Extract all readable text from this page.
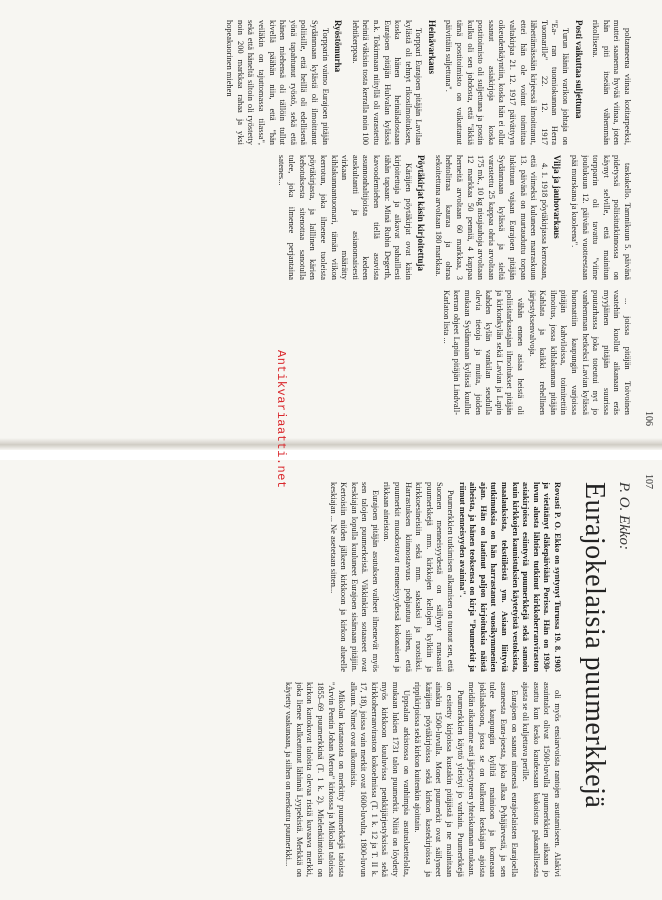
106

poltanneena viinaa kotitarpeeksi, muttei saanema hyvää viinaa, joten hän piti itseään vähemmän rikollisena.

Posti vaikuttaa suljettuna

Turun läänin varikon johtaja on "Ea- ran tuomiokunnan Herra Tuomarille" 22. 12. 1917 lähettämässään kirjeessä ilmoittanut, ettei hän ole voinut toimittaa valtakirjaa 21. 12. 1917 päivättyyn oikeudenkäyntiin, koska hän ei ollut saanut asiakirjoja koska postitoimisto oli suljettuna ja postin kulku oli sen johdosta, että "äkkiä tämä postitoimisto on vaikuttanut päivittäin suljettuna".

Heinävarkaus

Torppari Eurajoen pitäjän Lavilan kylästä oli tehnyt rikosilmoituksen, koska hänen heinäladostaan Eurajoen pitäjän Hulvalan kylässä n.k. Tokirmaan niityllä oli varastettu heiniä väkisin tosta kerralla noin 100 lehtikerppaa.

Ryöstömurha

Torpparin vaimo Eurajoen pitäjän Sydänmaan kylästä oli ilmoittanut poliisille, että heillä oli edellisenä yönä tapahtunut ryöstö, sekä että hänen miehensä oli tällöin tullut kivellä päähän niin, että "hän veiläkin on tajuttomassa tilassa", sekä että häneltä siltoin oli ryöstetty noin 200 markkaa rahaa ja yksi hopeakuorinen miehen

taskukello. Tamnikuun 5. päivänä pidetyssä poliisitutkinnossa on käynyt selville, että mainitun torpparin oli tavattu "viime joulukuun 12. päivänä vuotteestaan pää murskana ja kuoleena".

Vilja ja jauhovarkaus

4. 1. 1918 pöytäkirjassa kerrotaan, että viimeksi kuluneen marraskuun 13. päivänä on murtauduttu torpan lukittuun vajaan Eurajoen pitäjän Sydänmaan kylässä ja sieltä varastettu 25 kappaa ohria arvoltaan 175 mk., 10 kg nisujauhoja arvoltaan 12 markkaa 50 penniä, 4 kappaa herneitä arvoltaan 60 markkaa, 3 hehtolitraa kauraa ja ohraa sekoitettuna arvoltaan 180 markkaa.

Pöytäkirjat käsin kirjoitettuja

Käräjien pöytäkirjat ovat käsin kirjoitettuja ja aikavat pahaillesti tähän tapaan: Minä Rubin Degerth, kavoodemiehen tiellä asuvista asunnonhaltijoista kedeen auskultantti ja asianomaisesti virkaan määrätty kihlakunnantuomari, tämän viikon kerrotun, joka ilmenee tuoleista pöytäkirjasta, ja laillinen kärien kehotuksesta sitenottaa sanotulla tulee, joka ilmenee perjantaina satenes...

... joissa pitäjän Toivoinen vaatehin kuollut aikanaan eräs myyjäinen pitäjän suurissa puutarhassa joka toteutui nyt jo vanhemman hetkeksi Lavian kylässä huomattiin kaupungin varjoissa pitäjän kahviloissa, toimitettiin ilmoitus, jossa kihlakunnan pitäjän Kahlata ja kaikki rehellinen järjestyksenvalvoja.

vähän ennen asiaa heistä oli poliisitarkastajan ilmoitukset pitäjän ja kirkonkylän sekä Lavian ja Lapin kahden kylän vankilan seudulla olevia tietoja ja muita, joiden mukaan Sydänmaan kylässä kuullut kerran ohjeet Lapin pitäjän Lindvall-Karlaton lista ...

107
P. O. Ekko:
Eurajokelaisia puumerkkejä

Rovasti P. O. Ekko on syntynyt Turussa 19. 8. 1903 ja vietätänyt eläkepäiviään Porissa. Hän on 1930-luvun alusta lähtien tutkinut kirkkoherranviraston asiakirjoissa esiintyviä puumerkkejä sekä samoin kuin kirkkojen kaunistuksien käytetyistä vestoksista, maalauksista, tekstiileistä ym. Asiaan liittyviä tutkimuksia on hän harrastanut vuosikymmenien ajan. Hän on laatinut paljon kirjoituksia näistä aiheista, ja hänen teoksensa on kirja "Puumerkit ja riimut menneisyyden avainina".

Puumerkkien tutkimisen alkamisen on tuonut sen, että Suomen menneisyydestä on säilynyt runsaasti puumerkkejä mm. kirkkojen kellojen kylkiin ja kirkkoesineisiin sekä mm. saksaksi ja ruotsiksi. Harrastuksen kiinnostavuus pohjautuu siihen, että puumerkit muodostavat menneisyydessä kokonaisen ja rikkaan aineiston.

Eurajoen pitäjän asutuksen vaiheet ilmenevät myös sen talojen puumerkeistä. Vikkinkien sotaaseet ovat keskiajan lopulla kuuluneet Eurajoen sisämaan pitäjiin. Kertoisiin niiden jälkeen kirkkoon ja kirkon alueelle keskiajan ... Ne asetetaan sitten...

oli myös ensiarvoista rantojen asuttamiseen. Alakivi asuintalot olivat 1500-luvulla puumerkkien aikaan jo asuttu kun kesko kaudessaan kukoistus pakanallisesta ajasta se oli kuljettava perille.

Eurajoen on saanut nimensä eurajoelaisten Eurajoella asuneesta Eura-joesta, joka alkaa Pyhäjärvestä, ja sen tulee kaupungin kyliltä mainioon ja komeaan jokilaaksoon, jossa se on kulkenut keskiajan ajoista meidän aikaamme asti järjestyneen yhteiskunnan mukaan.

Puumerkkien käyttö yleistyi jo varhain. Puumerkkejä on esitetty kirjoissa kustakin pitäjästä ja ne mainitaan ainakin 1500-luvulla. Monet puumerkit ovat säilyneet käräjien pöytäkirjoissa sekä kirkon kastekirjoissa ja rippikirjoissa sekä kirkon kuitenkin ajoittain.

Uppsalan arkistossa on vanhimpia asutusluettelolta, mukaan lukien 1731 talon puumerkit. Niitä on löydetty myös kirkkoon kuuluvissa penkkijärjestyksissä sekä kirkkoherranviraston kokoelmissa (T. 1 k. 12 ja T. II k. 17, 18), joissa vain merkit ovat 1600-luvulta, 1800-luvun alkuun. Nimet ovat ulkomaisia.

Mikolan kartanosta on merkitty puumerkkejä taloista "Arvin Pentin Johan Meron" kirkossa ja Mikolan taloissa 1855–69 puumerkkinä (T. 1 k. 2). Mielenkiintoisin on kirkon kattokuvat taloista olevaa ristiä kuvaava merkki, joka lienee kulkeutunut lähinnä Lyypekistä. Merkkiä on käytetty vaakunaan, ja siihen on merkattu puumerkki...

Antikvariaatti.net
